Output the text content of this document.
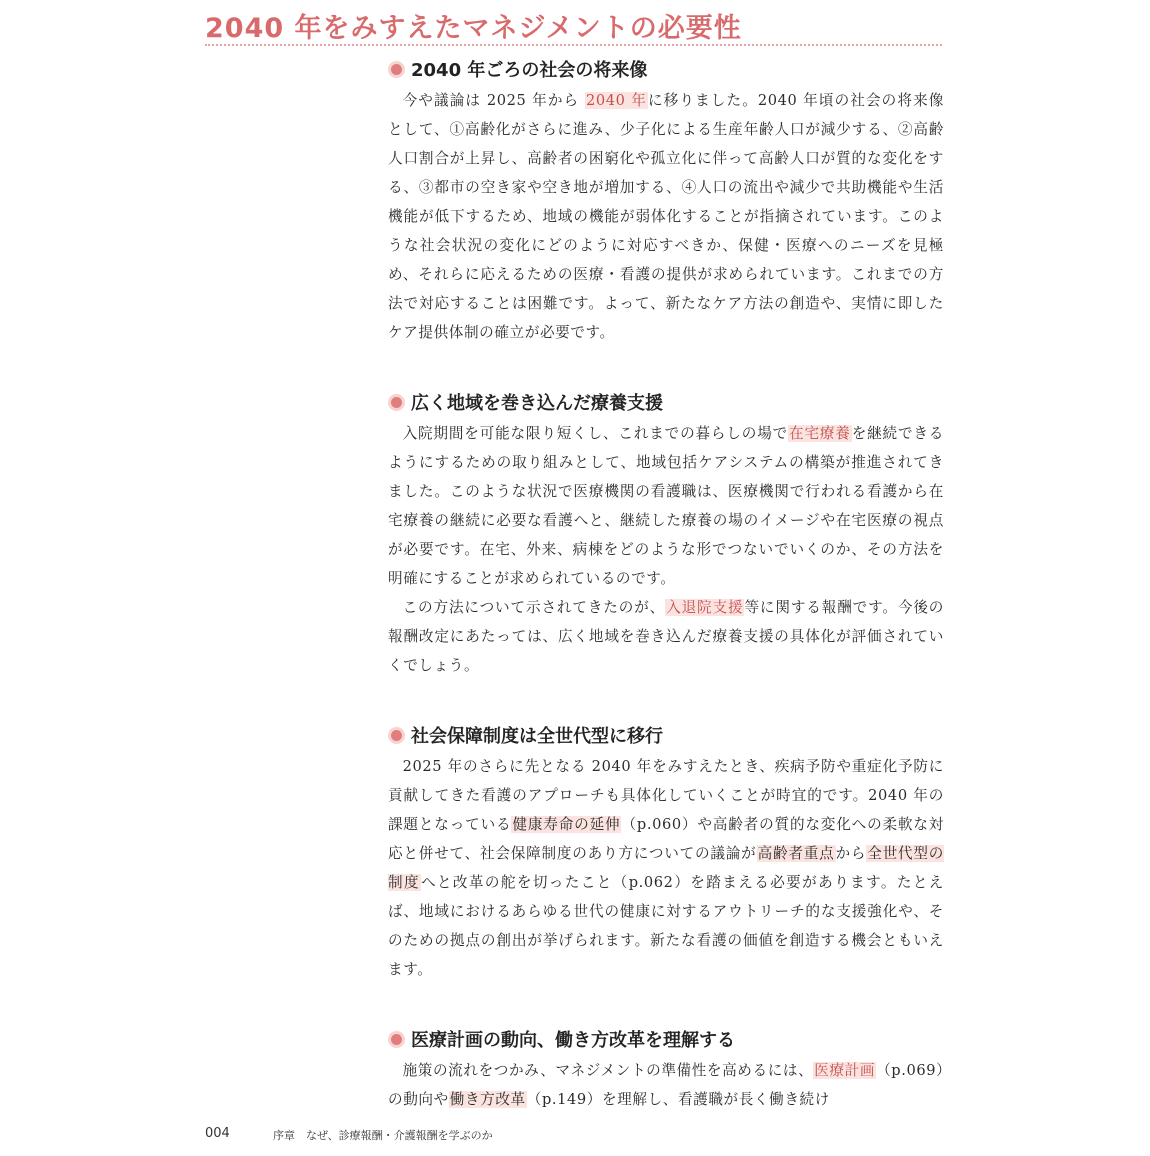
2040 年をみすえたマネジメントの必要性
2040 年ごろの社会の将来像

今や議論は 2025 年から 2040 年に移りました。2040 年頃の社会の将来像として、①高齢化がさらに進み、少子化による生産年齢人口が減少する、②高齢人口割合が上昇し、高齢者の困窮化や孤立化に伴って高齢人口が質的な変化をする、③都市の空き家や空き地が増加する、④人口の流出や減少で共助機能や生活機能が低下するため、地域の機能が弱体化することが指摘されています。このような社会状況の変化にどのように対応すべきか、保健・医療へのニーズを見極め、それらに応えるための医療・看護の提供が求められています。これまでの方法で対応することは困難です。よって、新たなケア方法の創造や、実情に即したケア提供体制の確立が必要です。

広く地域を巻き込んだ療養支援

入院期間を可能な限り短くし、これまでの暮らしの場で在宅療養を継続できるようにするための取り組みとして、地域包括ケアシステムの構築が推進されてきました。このような状況で医療機関の看護職は、医療機関で行われる看護から在宅療養の継続に必要な看護へと、継続した療養の場のイメージや在宅医療の視点が必要です。在宅、外来、病棟をどのような形でつないでいくのか、その方法を明確にすることが求められているのです。

この方法について示されてきたのが、入退院支援等に関する報酬です。今後の報酬改定にあたっては、広く地域を巻き込んだ療養支援の具体化が評価されていくでしょう。

社会保障制度は全世代型に移行

2025 年のさらに先となる 2040 年をみすえたとき、疾病予防や重症化予防に貢献してきた看護のアプローチも具体化していくことが時宜的です。2040 年の課題となっている健康寿命の延伸（p.060）や高齢者の質的な変化への柔軟な対応と併せて、社会保障制度のあり方についての議論が高齢者重点から全世代型の制度へと改革の舵を切ったこと（p.062）を踏まえる必要があります。たとえば、地域におけるあらゆる世代の健康に対するアウトリーチ的な支援強化や、そのための拠点の創出が挙げられます。新たな看護の価値を創造する機会ともいえます。

医療計画の動向、働き方改革を理解する

施策の流れをつかみ、マネジメントの準備性を高めるには、医療計画（p.069）の動向や働き方改革（p.149）を理解し、看護職が長く働き続け

004	序章　なぜ、診療報酬・介護報酬を学ぶのか
